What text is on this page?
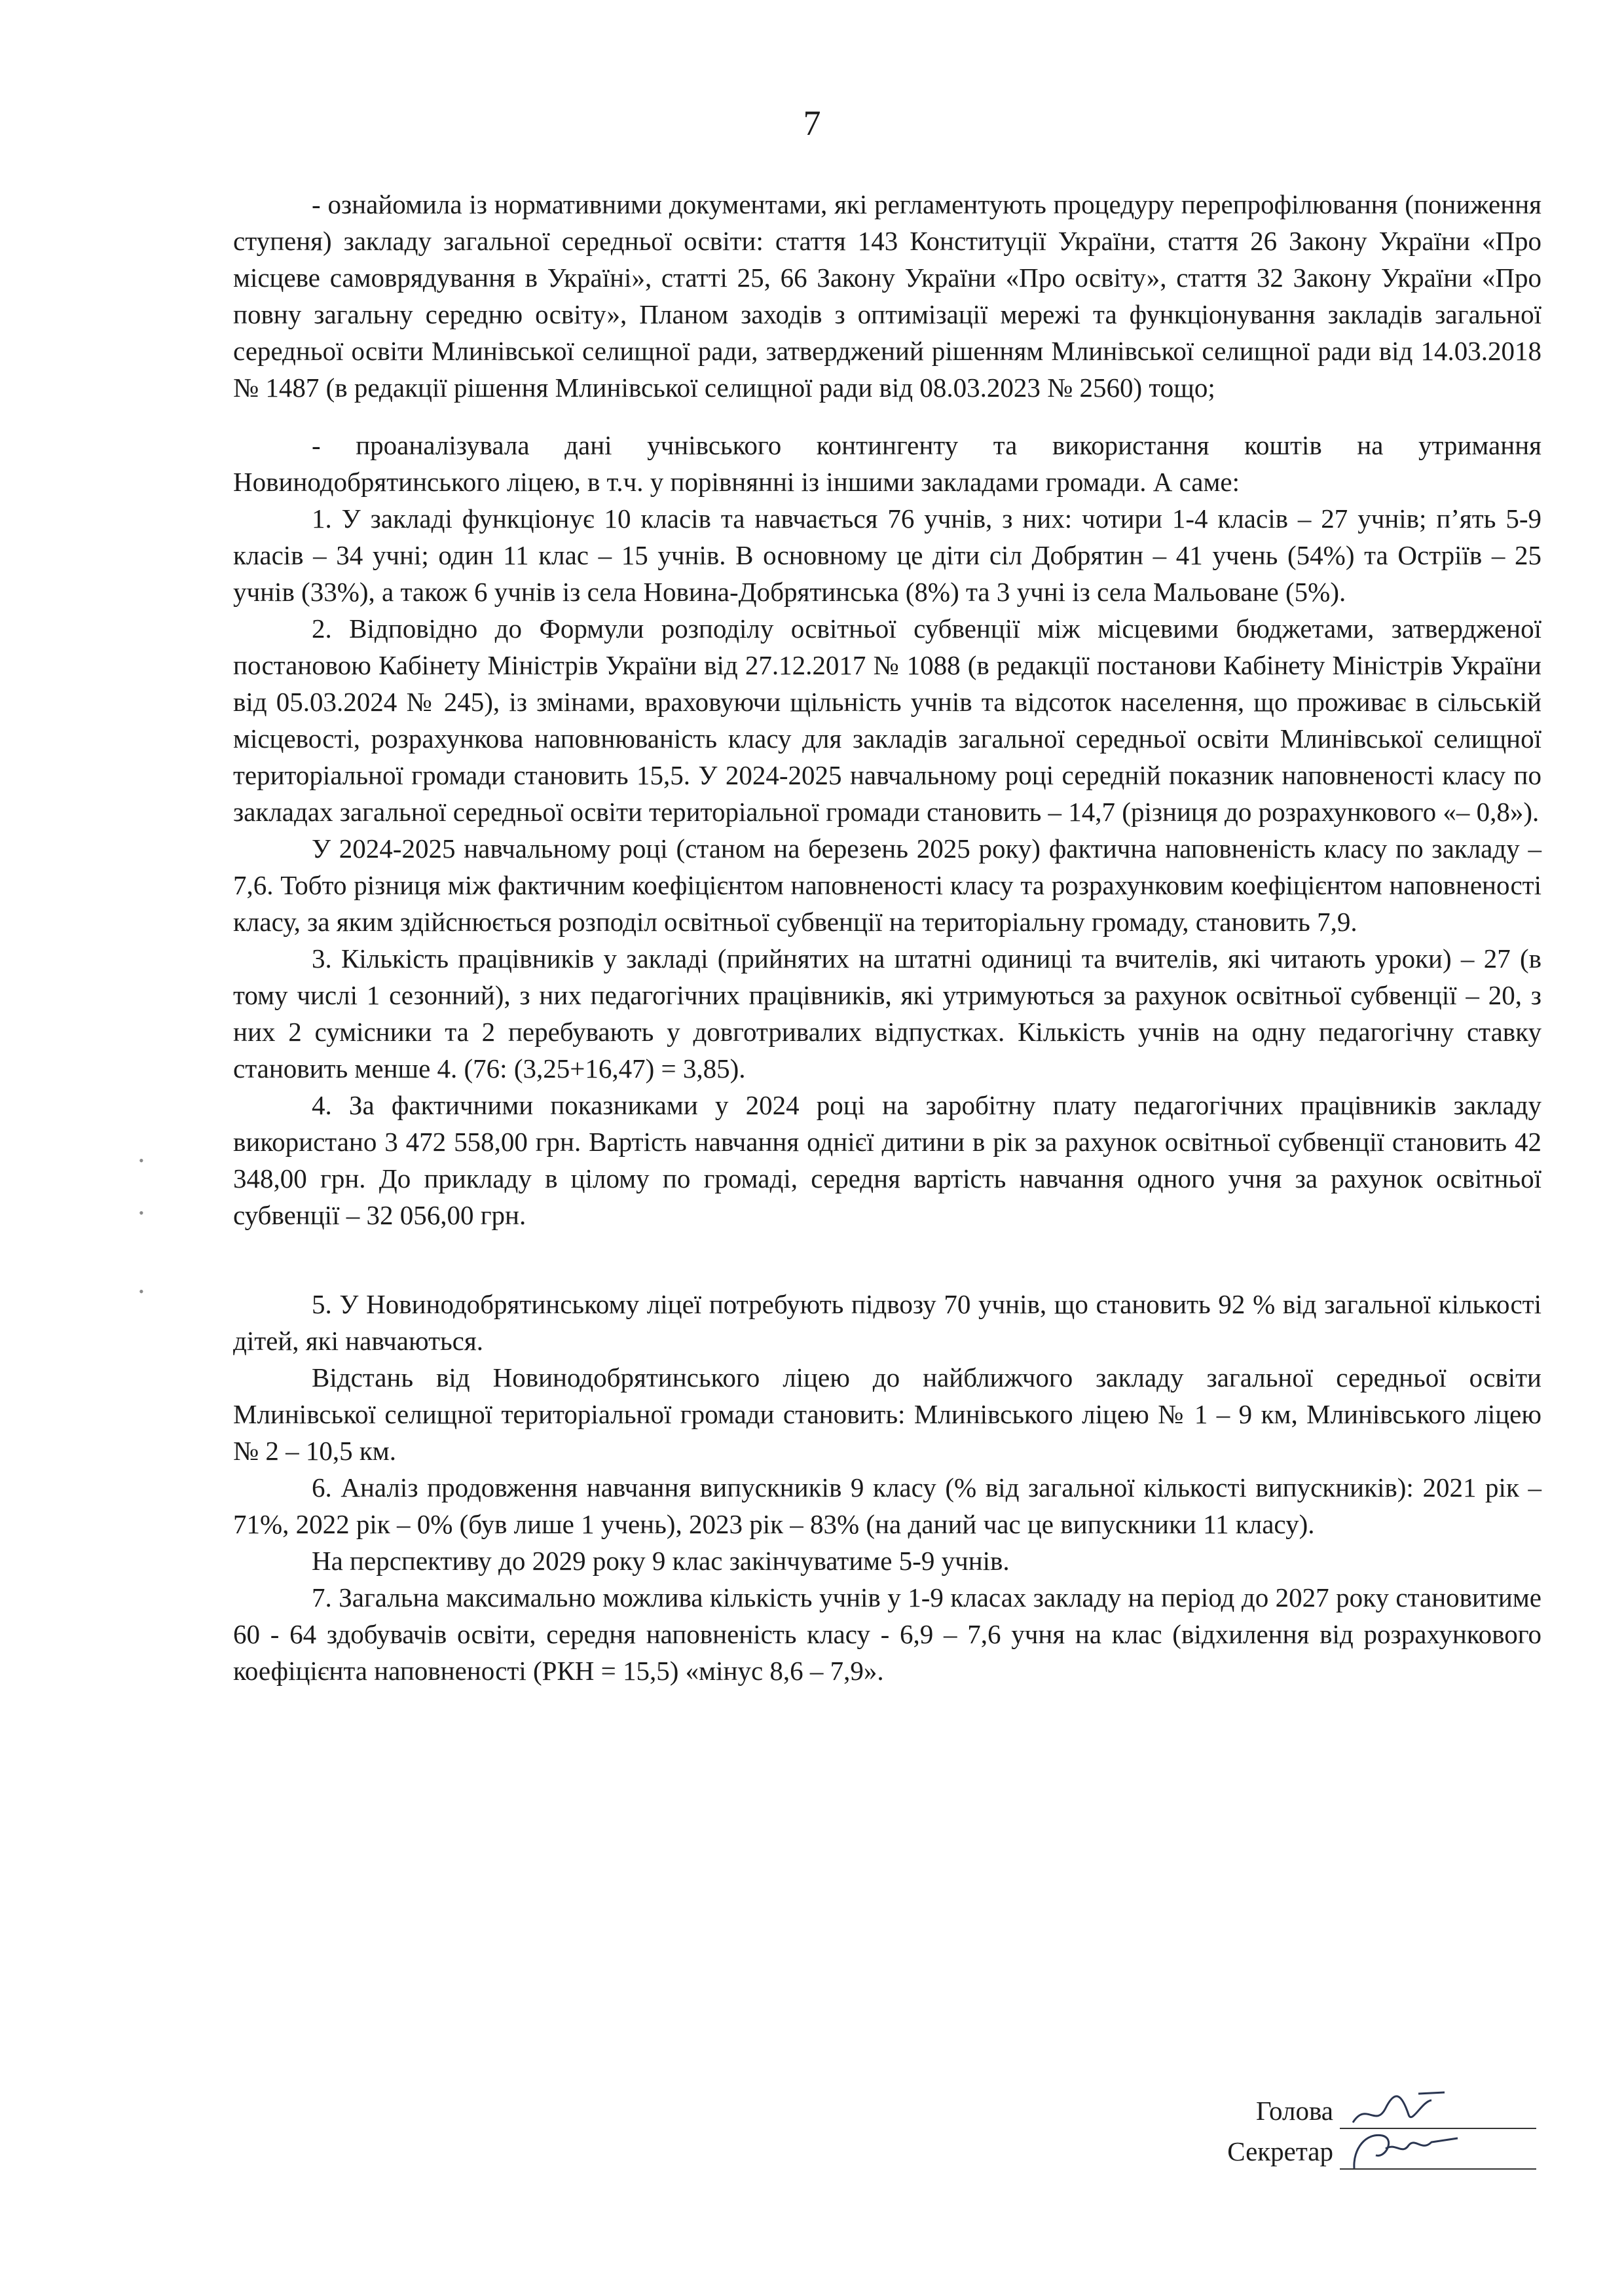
7
•
•
•

- ознайомила із нормативними документами, які регламентують процедуру перепрофілювання (пониження ступеня) закладу загальної середньої освіти: стаття 143 Конституції України, стаття 26 Закону України «Про місцеве самоврядування в Україні», статті 25, 66 Закону України «Про освіту», стаття 32 Закону України «Про повну загальну середню освіту», Планом заходів з оптимізації мережі та функціонування закладів загальної середньої освіти Млинівської селищної ради, затверджений рішенням Млинівської селищної ради від 14.03.2018 № 1487 (в редакції рішення Млинівської селищної ради від 08.03.2023 № 2560) тощо;

- проаналізувала дані учнівського контингенту та використання коштів на утримання Новинодобрятинського ліцею, в т.ч. у порівнянні із іншими закладами громади. А саме:

1. У закладі функціонує 10 класів та навчається 76 учнів, з них: чотири 1-4 класів – 27 учнів; п’ять 5-9 класів – 34 учні; один 11 клас – 15 учнів. В основному це діти сіл Добрятин – 41 учень (54%) та Остріїв – 25 учнів (33%), а також 6 учнів із села Новина-Добрятинська (8%) та 3 учні із села Мальоване (5%).

2. Відповідно до Формули розподілу освітньої субвенції між місцевими бюджетами, затвердженої постановою Кабінету Міністрів України від 27.12.2017 № 1088 (в редакції постанови Кабінету Міністрів України від 05.03.2024 № 245), із змінами, враховуючи щільність учнів та відсоток населення, що проживає в сільській місцевості, розрахункова наповнюваність класу для закладів загальної середньої освіти Млинівської селищної територіальної громади становить 15,5. У 2024-2025 навчальному році середній показник наповненості класу по закладах загальної середньої освіти територіальної громади становить – 14,7 (різниця до розрахункового «– 0,8»).

У 2024-2025 навчальному році (станом на березень 2025 року) фактична наповненість класу по закладу – 7,6. Тобто різниця між фактичним коефіцієнтом наповненості класу та розрахунковим коефіцієнтом наповненості класу, за яким здійснюється розподіл освітньої субвенції на територіальну громаду, становить 7,9.

3. Кількість працівників у закладі (прийнятих на штатні одиниці та вчителів, які читають уроки) – 27 (в тому числі 1 сезонний), з них педагогічних працівників, які утримуються за рахунок освітньої субвенції – 20, з них 2 сумісники та 2 перебувають у довготривалих відпустках. Кількість учнів на одну педагогічну ставку становить менше 4. (76: (3,25+16,47) = 3,85).

4. За фактичними показниками у 2024 році на заробітну плату педагогічних працівників закладу використано 3 472 558,00 грн. Вартість навчання однієї дитини в рік за рахунок освітньої субвенції становить 42 348,00 грн. До прикладу в цілому по громаді, середня вартість навчання одного учня за рахунок освітньої субвенції – 32 056,00 грн.

5. У Новинодобрятинському ліцеї потребують підвозу 70 учнів, що становить 92 % від загальної кількості дітей, які навчаються.

Відстань від Новинодобрятинського ліцею до найближчого закладу загальної середньої освіти Млинівської селищної територіальної громади становить: Млинівського ліцею № 1 – 9 км, Млинівського ліцею № 2 – 10,5 км.

6. Аналіз продовження навчання випускників 9 класу (% від загальної кількості випускників): 2021 рік – 71%, 2022 рік – 0% (був лише 1 учень), 2023 рік – 83% (на даний час це випускники 11 класу).

На перспективу до 2029 року 9 клас закінчуватиме 5-9 учнів.

7. Загальна максимально можлива кількість учнів у 1-9 класах закладу на період до 2027 року становитиме 60 - 64 здобувачів освіти, середня наповненість класу - 6,9 – 7,6 учня на клас (відхилення від розрахункового коефіцієнта наповненості (РКН = 15,5) «мінус 8,6 – 7,9».

Голова
Секретар
